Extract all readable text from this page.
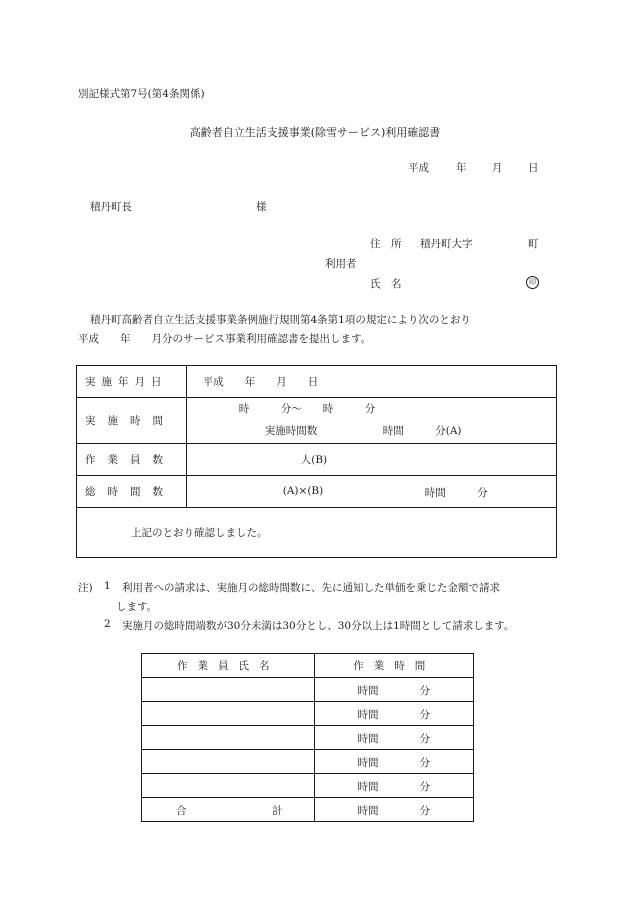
別記様式第7号(第4条関係)
高齢者自立生活支援事業(除雪サービス)利用確認書
平成	年 月 日
積丹町長	様
住　所 積丹町大字	町
利用者
氏　名	印
積丹町高齢者自立生活支援事業条例施行規則第4条第1項の規定により次のとおり
平成　　年　　月分のサービス事業利用確認書を提出します。
実施年月日	平成　　年　　月　　日
実施時間	時　　　分～　　時　　　分
実施時間数 時間　　　分(A)

作業員数	人(B)
総時間数	(A)×(B) 時間　　　分

上記のとおり確認しました。	
注) 1 利用者への請求は、実施月の総時間数に、先に通知した単価を乗じた金額で請求
します。
2 実施月の総時間端数が30分未満は30分とし、30分以上は1時間として請求します。
作業員氏名	作業時間

	時間 分

	時間 分

	時間 分

	時間 分

	時間 分

合 計	時間 分
